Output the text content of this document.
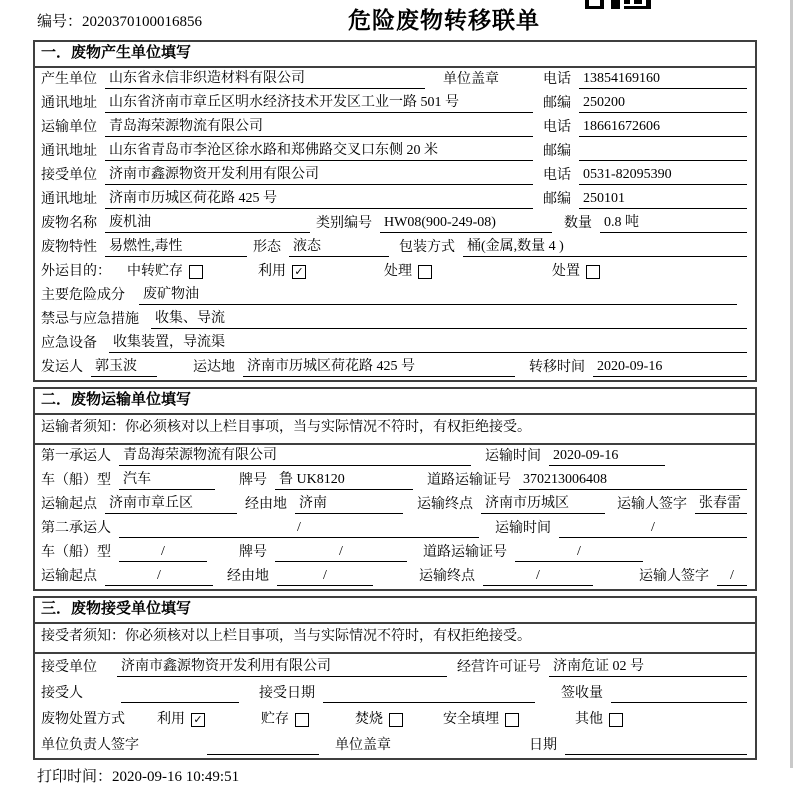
编号：2020370100016856	危险废物转移联单
一．废物产生单位填写
产生单位 山东省永信非织造材料有限公司	单位盖章	电话 13854169160
通讯地址 山东省济南市章丘区明水经济技术开发区工业一路 501 号	邮编 250200
运输单位 青岛海荣源物流有限公司	电话 18661672606
通讯地址 山东省青岛市李沧区徐水路和郑佛路交叉口东侧 20 米	邮编
接受单位 济南市鑫源物资开发利用有限公司	电话 0531-82095390
通讯地址 济南市历城区荷花路 425 号	邮编 250101
废物名称 废机油	类别编号 HW08(900-249-08)	数量 0.8 吨
废物特性 易燃性,毒性	形态 液态	包装方式 桶(金属,数量 4 )
外运目的：	中转贮存	利用 ✓	处理	处置
主要危险成分	废矿物油
禁忌与应急措施	收集、导流
应急设备	收集装置，导流渠
发运人 郭玉波	运达地 济南市历城区荷花路 425 号	转移时间 2020-09-16
二．废物运输单位填写
运输者须知：你必须核对以上栏目事项，当与实际情况不符时，有权拒绝接受。
第一承运人 青岛海荣源物流有限公司	运输时间 2020-09-16
车（船）型 汽车	牌号 鲁 UK8120	道路运输证号 370213006408
运输起点 济南市章丘区	经由地 济南	运输终点 济南市历城区	运输人签字 张春雷
第二承运人	/	运输时间	/
车（船）型	/	牌号	/	道路运输证号	/
运输起点	/	经由地	/	运输终点	/	运输人签字	/
三．废物接受单位填写
接受者须知：你必须核对以上栏目事项，当与实际情况不符时，有权拒绝接受。
接受单位	济南市鑫源物资开发利用有限公司	经营许可证号 济南危证 02 号
接受人	接受日期	签收量
废物处置方式	利用 ✓	贮存	焚烧	安全填埋	其他
单位负责人签字	单位盖章	日期
打印时间：2020-09-16 10:49:51
